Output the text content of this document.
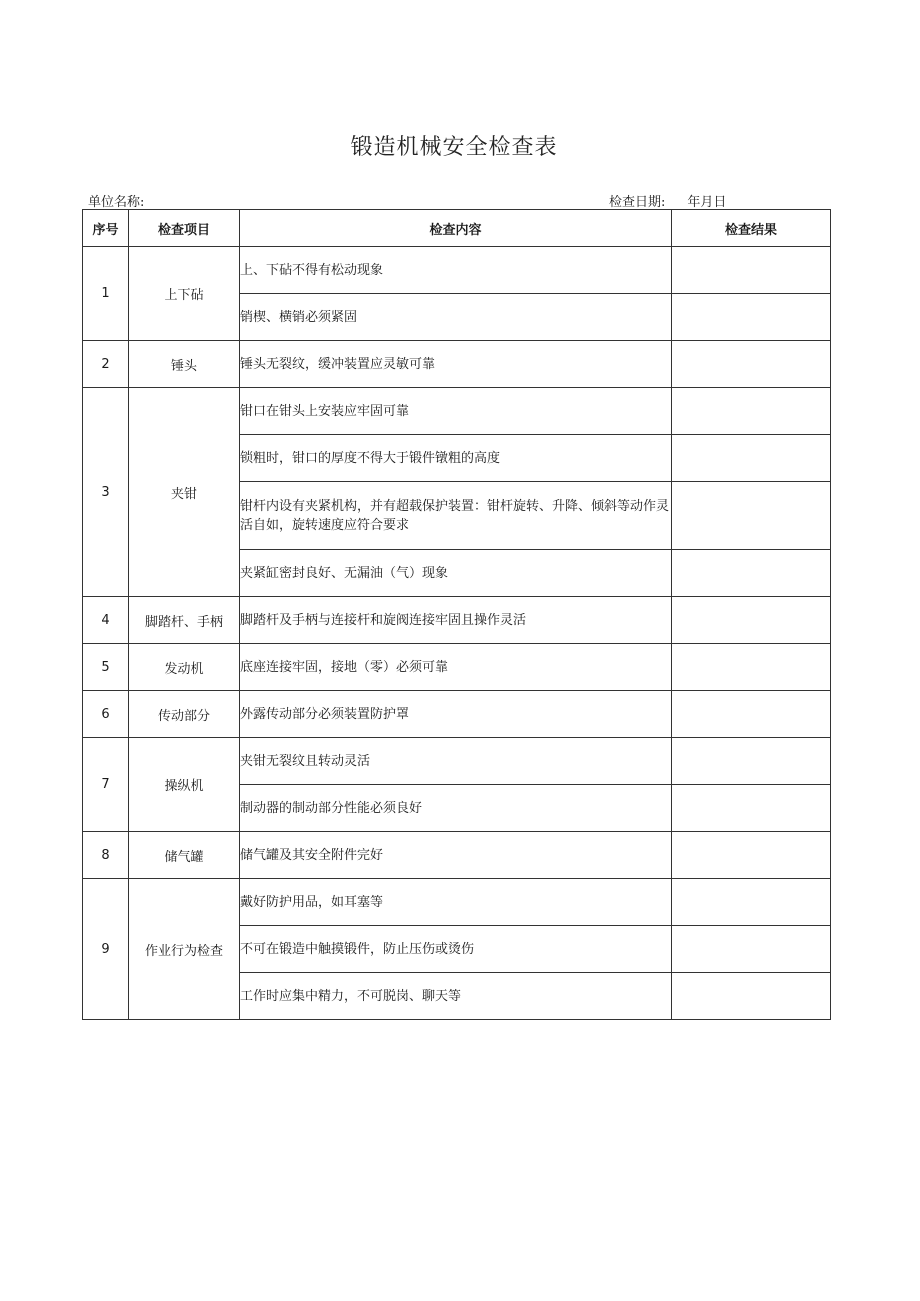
锻造机械安全检查表
单位名称:	检查日期: 年月日
序号	检查项目	检查内容	检查结果
1	上下砧	上、下砧不得有松动现象	
		销楔、横销必须紧固	
2	锤头	锤头无裂纹，缓冲装置应灵敏可靠	
3	夹钳	钳口在钳头上安装应牢固可靠	
		锁粗时，钳口的厚度不得大于锻件镦粗的高度	
		钳杆内设有夹紧机构，并有超载保护装置：钳杆旋转、升降、倾斜等动作灵活自如，旋转速度应符合要求	
		夹紧缸密封良好、无漏油（气）现象	
4	脚踏杆、手柄	脚踏杆及手柄与连接杆和旋阀连接牢固且操作灵活	
5	发动机	底座连接牢固，接地（零）必须可靠	
6	传动部分	外露传动部分必须装置防护罩	
7	操纵机	夹钳无裂纹且转动灵活	
		制动器的制动部分性能必须良好	
8	储气罐	储气罐及其安全附件完好	
9	作业行为检查	戴好防护用品，如耳塞等	
		不可在锻造中触摸锻件，防止压伤或烫伤	
		工作时应集中精力，不可脱岗、聊天等	
